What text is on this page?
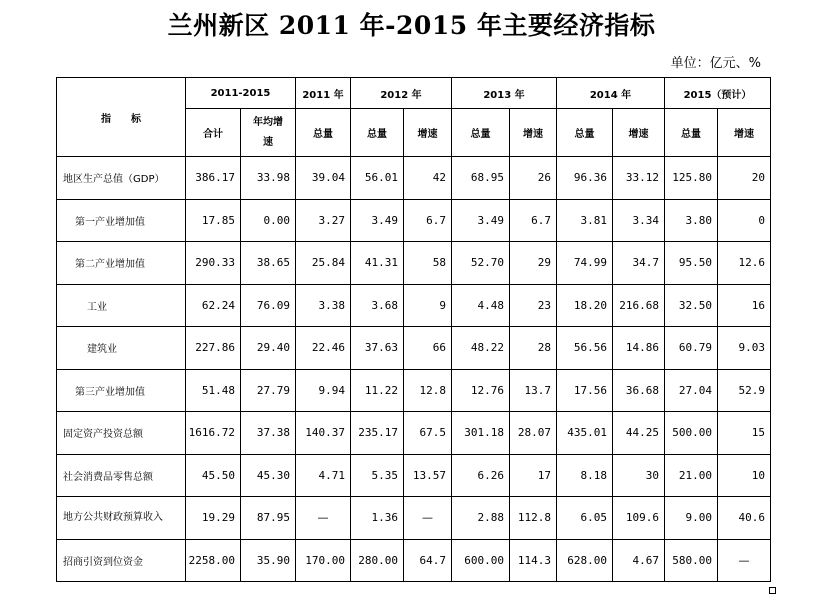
兰州新区 2011 年-2015 年主要经济指标
单位：亿元、%
指　　标	2011-2015		2011 年	2012 年		2013 年		2014 年		2015（预计）	
	合计	年均增速	总量	总量	增速	总量	增速	总量	增速	总量	增速
地区生产总值（GDP）	386.17	33.98	39.04	56.01	42	68.95	26	96.36	33.12	125.80	20
第一产业增加值	17.85	0.00	3.27	3.49	6.7	3.49	6.7	3.81	3.34	3.80	0
第二产业增加值	290.33	38.65	25.84	41.31	58	52.70	29	74.99	34.7	95.50	12.6
工业	62.24	76.09	3.38	3.68	9	4.48	23	18.20	216.68	32.50	16
建筑业	227.86	29.40	22.46	37.63	66	48.22	28	56.56	14.86	60.79	9.03
第三产业增加值	51.48	27.79	9.94	11.22	12.8	12.76	13.7	17.56	36.68	27.04	52.9
固定资产投资总额	1616.72	37.38	140.37	235.17	67.5	301.18	28.07	435.01	44.25	500.00	15
社会消费品零售总额	45.50	45.30	4.71	5.35	13.57	6.26	17	8.18	30	21.00	10
地方公共财政预算收入	19.29	87.95	—	1.36	—	2.88	112.8	6.05	109.6	9.00	40.6
招商引资到位资金	2258.00	35.90	170.00	280.00	64.7	600.00	114.3	628.00	4.67	580.00	—
